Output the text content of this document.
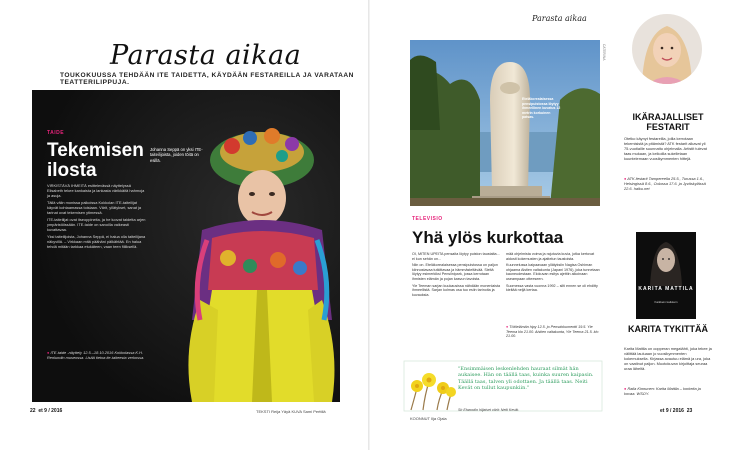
Parasta aikaa
TOUKOKUUSSA TEHDÄÄN ITE TAIDETTA, KÄYDÄÄN FESTAREILLA JA VARATAAN TEATTERILIPPUJA.
TAIDE
Tekemisen ilosta
Johanna Seppä on yksi ITE-taiteilijoista, joiden töitä on esillä.

VIRKISTÄVÄ IHMEITÄ esittelevässä näyttelyssä Elisabeth tekee kankaista ja lankasta värikkäitä hahmoja ja asuja.

Tällä välin monissa paikoissa Kokkolan ITE-taiteilijat käyvät kohtaamassa toisiaan. Värit, yllätykset, sanat ja tarinat ovat tekemisen ytimessä.

ITE-taiteilijat ovat itseoppineita, ja he luovat taidetta arjen ympäristöissään. ITE-taide on sanoilla vaikeasti kuvattavaa.

Yksi taiteilijoista, Johanna Seppä, ei halua olla taiteilijana näkyvillä. – Virkkaan mitä päähäni pälkähtää. En halua tehdä mitään tarkkaa etukäteen, vaan teen fiiliksellä.

● ITE-taide -näyttely 12.5.–18.10.2016 Kokkolassa K.H. Renlundin museossa. Lisää tietoa ite-taiteesta verkossa.
22 et 9 / 2016	TEKSTI Reija Yäyä KUVA Sami Perttilä
Parasta aikaa
CATERINA
Eteläkorealaisessa pensipuistossa löytyy ihmeellinen kuvatus 12 metrin korkuinen patsas.
TELEVISIO
Yhä ylös kurkottaa

OI, MITEN UPEITA pensaita löytyy puiston taustalta... ei kun sehän on...

Niin on. Eteläkorealaisessa pensipuistossa on paljon kiinnostavaa tutkittavaa ja hämmästeltävää. Sieltä löytyy esimerkiksi Pensiinipark, jossa kerrotaan ihmisten elämän ja pojan kasvun tavoista.

Yle Teeman sarjan kuukausissa nähdään monenlaista ihmeellistä. Sarjan kolmas osa tuo esiin tarinoita ja kuvauksia.

mää ohjelmista voima ja rajutuvia kuvia, jotka kertovat aidosti kokemusten ja ajattelun taustoista.

Kuunnelussa kaipaavaan yllätyksiin Nagisa Oshiman ohjaama Aistien valtakunta (Japani 1976), joka tunnetaan kauneudestaan. Elokuvan esitys ajettiin aikoinaan useampaan otteeseen.

Suomessa vasta vuonna 1992 – silti ennen se oli ehditty kieltää neljä kertaa.

● Tötöelämän hipy 12.5. jo Pensdokumentti 19.5. Yle Teema klo 21.00. Aistien valtakunta, Yle Teema 21.5. klo 21.00.
"Ensimmäisen leskenlehden hauraat silmät hän aukaisee. Hän on täällä taas, kuinka suuren kaipasin. Täällä taas, talven yli odottaen. Ja täällä taas. Neiti Kevät on tullut kaupunkiin."
Sir Elwoodin hiljaiset värit: Neiti Kevät.
KOONNUT Ilja Ojala
IKÄRAJALLISET FESTARIT
Otetko käynyt festareilla, joilla kerrotaan tekemisistä ja pitämistä? ATK festarit alkavat yli 75-vuotiaille suunnattu ohjelmalla. Artistit tulevat taas mukaan, ja keikoilla sukelletaan kuuntelemaan vuosikymmenten hittejä.
● ATK-festarit Tampereella 25.5., Turussa 1.6., Helsingissä 8.6., Oulussa 17.6. ja Jyväskylässä 22.6. haiku.net
KARITA MATTILA
Kaikkein kaikkein
KARITA TYKITTÄÄ
Karita Mattila on oopperan megatähti, joka tekee ja välittää lauluaan jo vuosikymmenten kokemuksella. Kirjassa avautuu elämä ja ura, joka on vaatinut paljon. Muotokuvan kirjoittaja seuraa uraa läheltä.
● Raila Kinnunen: Karita Mattila – korkeita ja kovaa. WSOY.
et 9 / 2016 23
